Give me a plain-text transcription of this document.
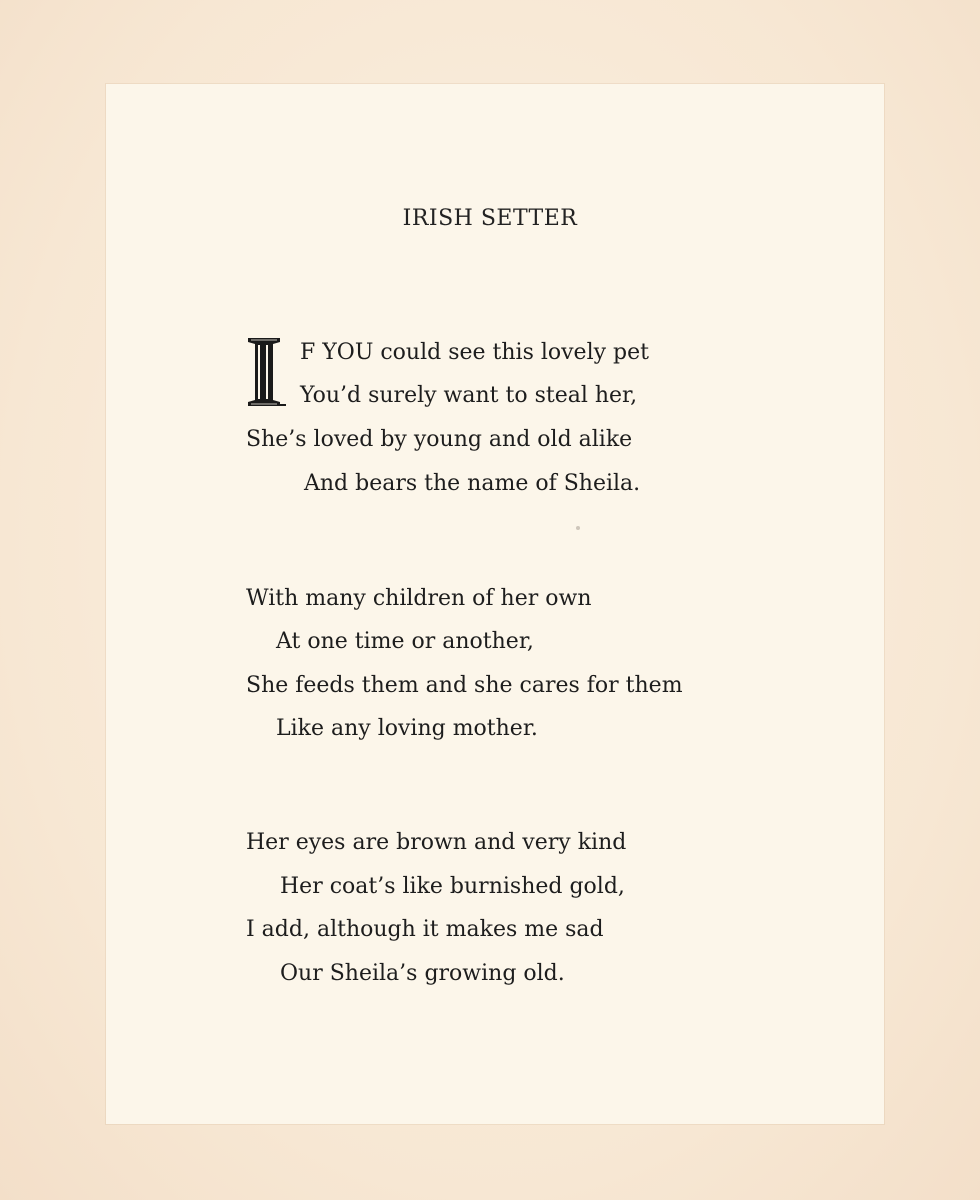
IRISH SETTER
F YOU could see this lovely pet
You’d surely want to steal her,
She’s loved by young and old alike
And bears the name of Sheila.
With many children of her own
At one time or another,
She feeds them and she cares for them
Like any loving mother.
Her eyes are brown and very kind
Her coat’s like burnished gold,
I add, although it makes me sad
Our Sheila’s growing old.
